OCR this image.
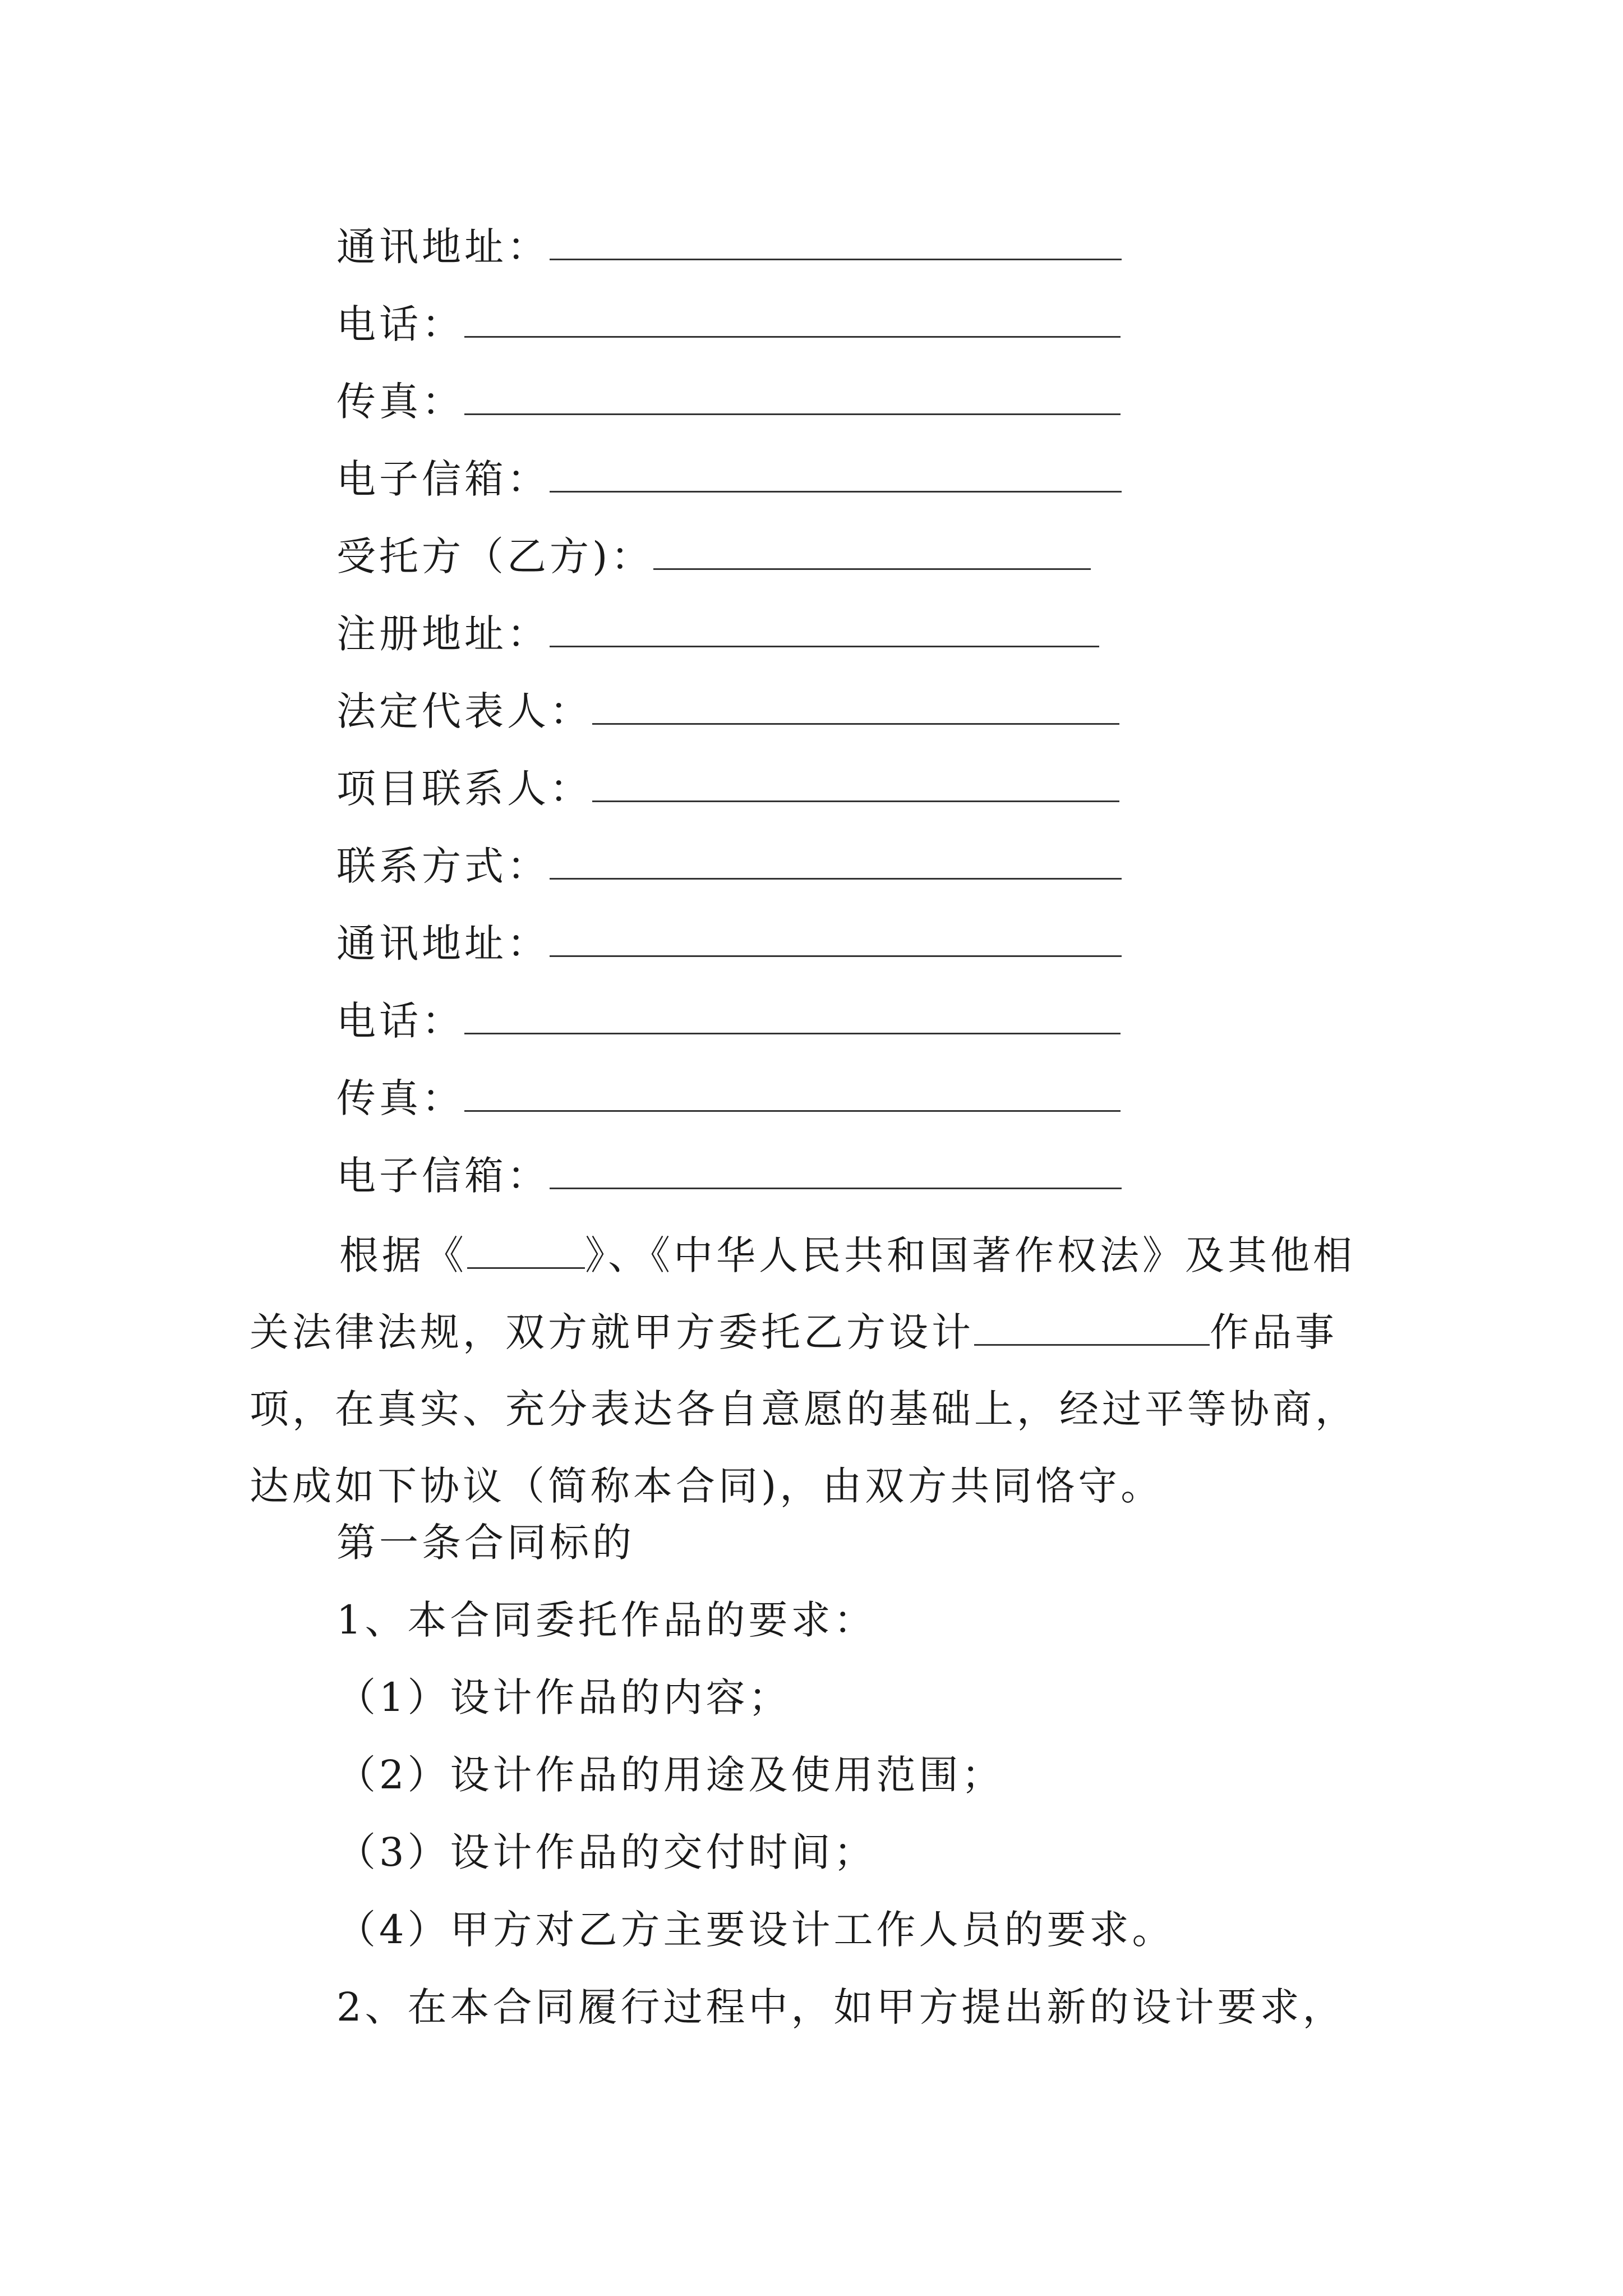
通讯地址：
电话：
传真：
电子信箱：
受托方（乙方)：
注册地址：
法定代表人：
项目联系人：
联系方式：
通讯地址：
电话：
传真：
电子信箱：
根据《	》、《中华人民共和国著作权法》及其他相关法律法规，双方就甲方委托乙方设计	作品事项，在真实、充分表达各自意愿的基础上，经过平等协商，达成如下协议（简称本合同)，由双方共同恪守。
第一条合同标的
1、本合同委托作品的要求：
（1）设计作品的内容；
（2）设计作品的用途及使用范围；
（3）设计作品的交付时间；
（4）甲方对乙方主要设计工作人员的要求。
2、在本合同履行过程中，如甲方提出新的设计要求，
